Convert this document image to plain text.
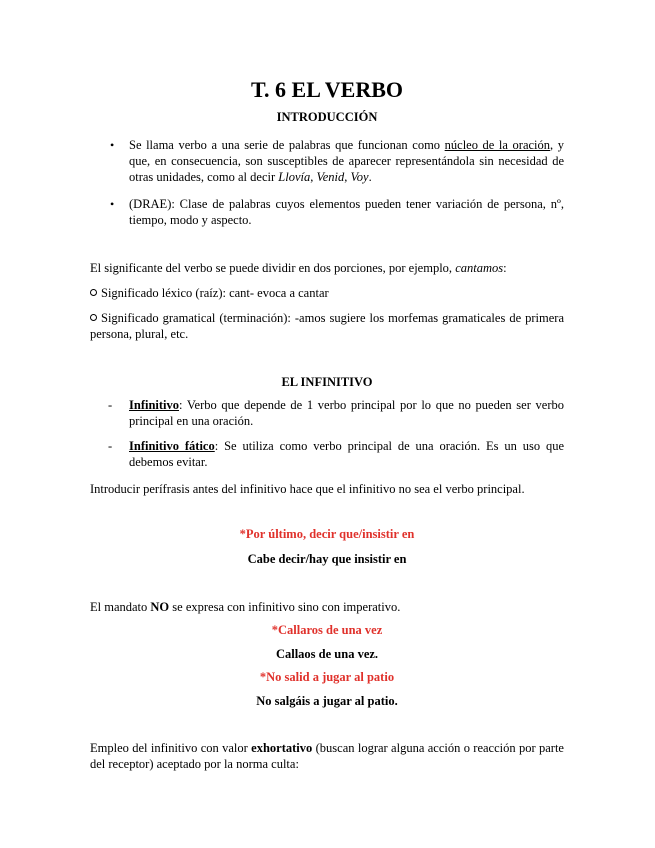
T. 6 EL VERBO
INTRODUCCIÓN
• Se llama verbo a una serie de palabras que funcionan como núcleo de la oración, y que, en consecuencia, son susceptibles de aparecer representándola sin necesidad de otras unidades, como al decir Llovía, Venid, Voy.
• (DRAE): Clase de palabras cuyos elementos pueden tener variación de persona, nº, tiempo, modo y aspecto.
El significante del verbo se puede dividir en dos porciones, por ejemplo, cantamos:
Significado léxico (raíz): cant- evoca a cantar
Significado gramatical (terminación): -amos sugiere los morfemas gramaticales de primera persona, plural, etc.
EL INFINITIVO
- Infinitivo: Verbo que depende de 1 verbo principal por lo que no pueden ser verbo principal en una oración.
- Infinitivo fático: Se utiliza como verbo principal de una oración. Es un uso que debemos evitar.
Introducir perífrasis antes del infinitivo hace que el infinitivo no sea el verbo principal.
*Por último, decir que/insistir en
Cabe decir/hay que insistir en
El mandato NO se expresa con infinitivo sino con imperativo.
*Callaros de una vez
Callaos de una vez.
*No salid a jugar al patio
No salgáis a jugar al patio.
Empleo del infinitivo con valor exhortativo (buscan lograr alguna acción o reacción por parte del receptor) aceptado por la norma culta:
